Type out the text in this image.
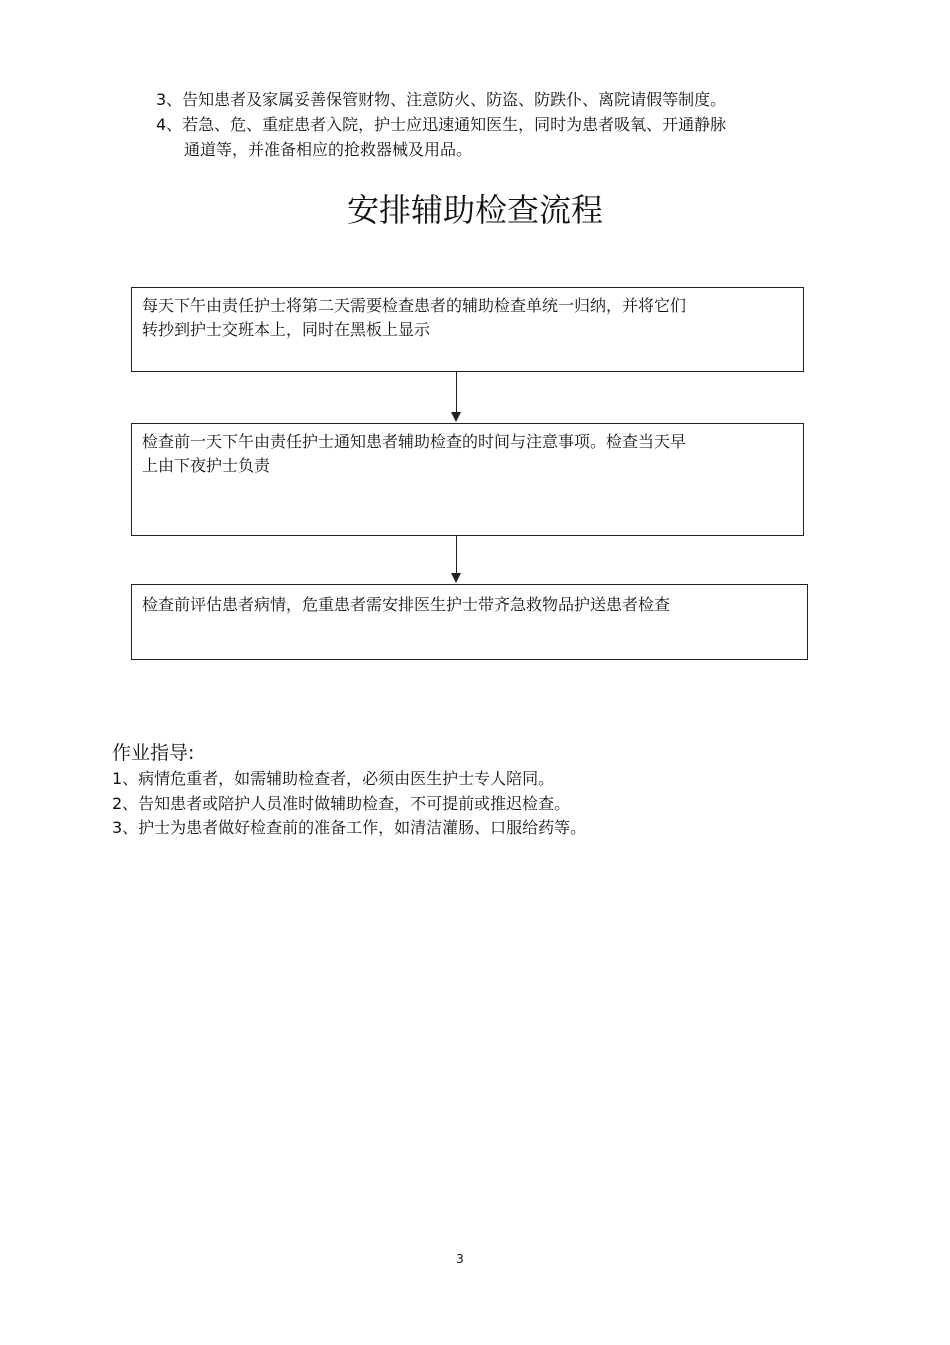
3、告知患者及家属妥善保管财物、注意防火、防盗、防跌仆、离院请假等制度。
4、若急、危、重症患者入院，护士应迅速通知医生，同时为患者吸氧、开通静脉
通道等，并准备相应的抢救器械及用品。
安排辅助检查流程
每天下午由责任护士将第二天需要检查患者的辅助检查单统一归纳，并将它们
转抄到护士交班本上，同时在黑板上显示
检查前一天下午由责任护士通知患者辅助检查的时间与注意事项。检查当天早
上由下夜护士负责
检查前评估患者病情，危重患者需安排医生护士带齐急救物品护送患者检查
作业指导:
1、病情危重者，如需辅助检查者，必须由医生护士专人陪同。
2、告知患者或陪护人员准时做辅助检查，不可提前或推迟检查。
3、护士为患者做好检查前的准备工作，如清洁灌肠、口服给药等。
3
